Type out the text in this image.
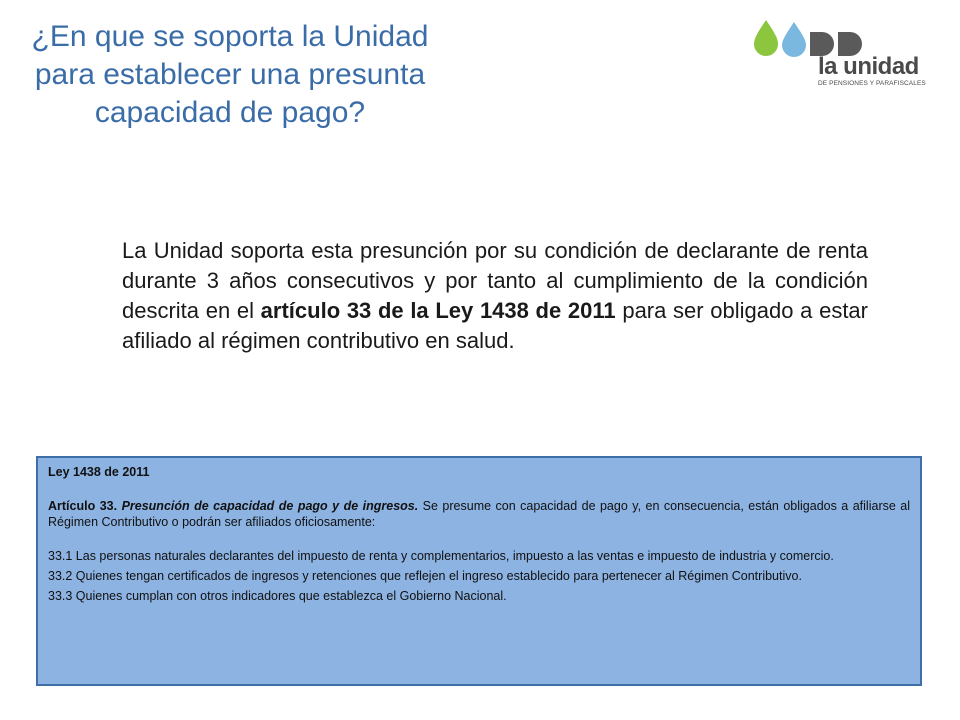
¿En que se soporta la Unidad para establecer una presunta capacidad de pago?
la unidad
DE PENSIONES Y PARAFISCALES
La Unidad soporta esta presunción por su condición de declarante de renta durante 3 años consecutivos y por tanto al cumplimiento de la condición descrita en el artículo 33 de la Ley 1438 de 2011 para ser obligado a estar afiliado al régimen contributivo en salud.

Ley 1438 de 2011

Artículo 33. Presunción de capacidad de pago y de ingresos. Se presume con capacidad de pago y, en consecuencia, están obligados a afiliarse al Régimen Contributivo o podrán ser afiliados oficiosamente:

33.1 Las personas naturales declarantes del impuesto de renta y complementarios, impuesto a las ventas e impuesto de industria y comercio.

33.2 Quienes tengan certificados de ingresos y retenciones que reflejen el ingreso establecido para pertenecer al Régimen Contributivo.

33.3 Quienes cumplan con otros indicadores que establezca el Gobierno Nacional.
